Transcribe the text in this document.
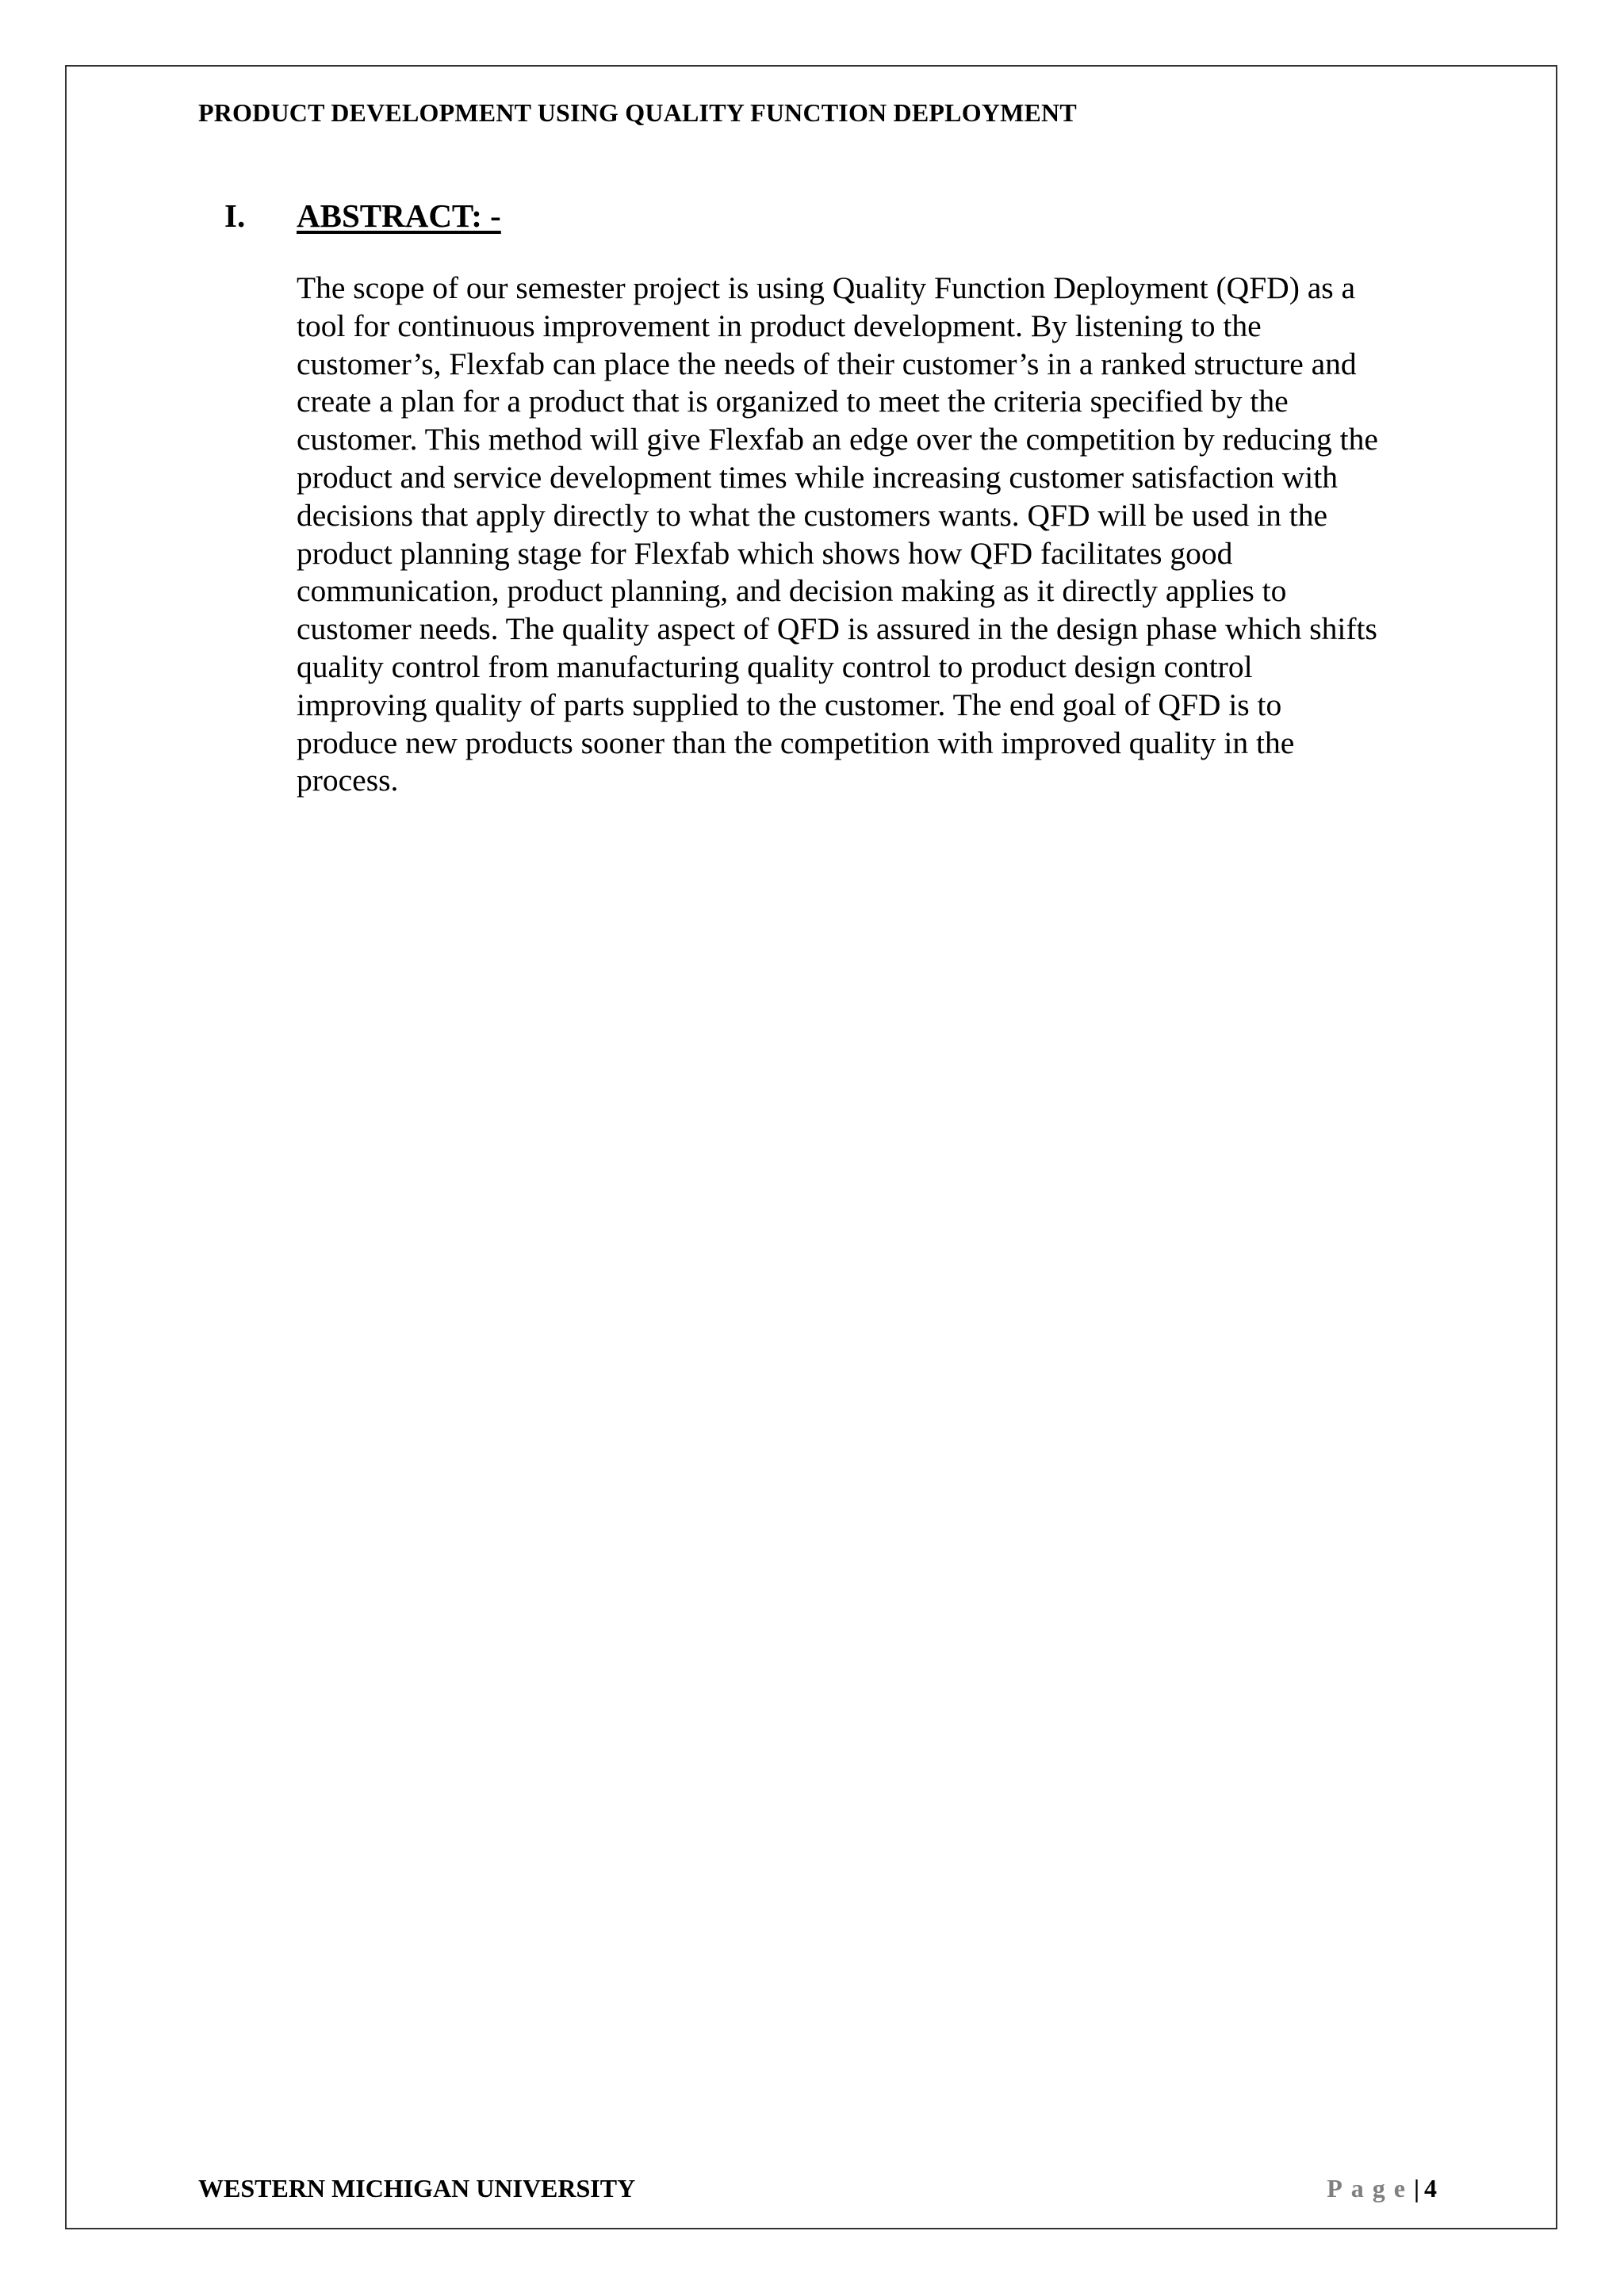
PRODUCT DEVELOPMENT USING QUALITY FUNCTION DEPLOYMENT
I. ABSTRACT: -
The scope of our semester project is using Quality Function Deployment (QFD) as a
tool for continuous improvement in product development. By listening to the
customer’s, Flexfab can place the needs of their customer’s in a ranked structure and
create a plan for a product that is organized to meet the criteria specified by the
customer. This method will give Flexfab an edge over the competition by reducing the
product and service development times while increasing customer satisfaction with
decisions that apply directly to what the customers wants. QFD will be used in the
product planning stage for Flexfab which shows how QFD facilitates good
communication, product planning, and decision making as it directly applies to
customer needs. The quality aspect of QFD is assured in the design phase which shifts
quality control from manufacturing quality control to product design control
improving quality of parts supplied to the customer. The end goal of QFD is to
produce new products sooner than the competition with improved quality in the
process.
WESTERN MICHIGAN UNIVERSITY	Page| 4
